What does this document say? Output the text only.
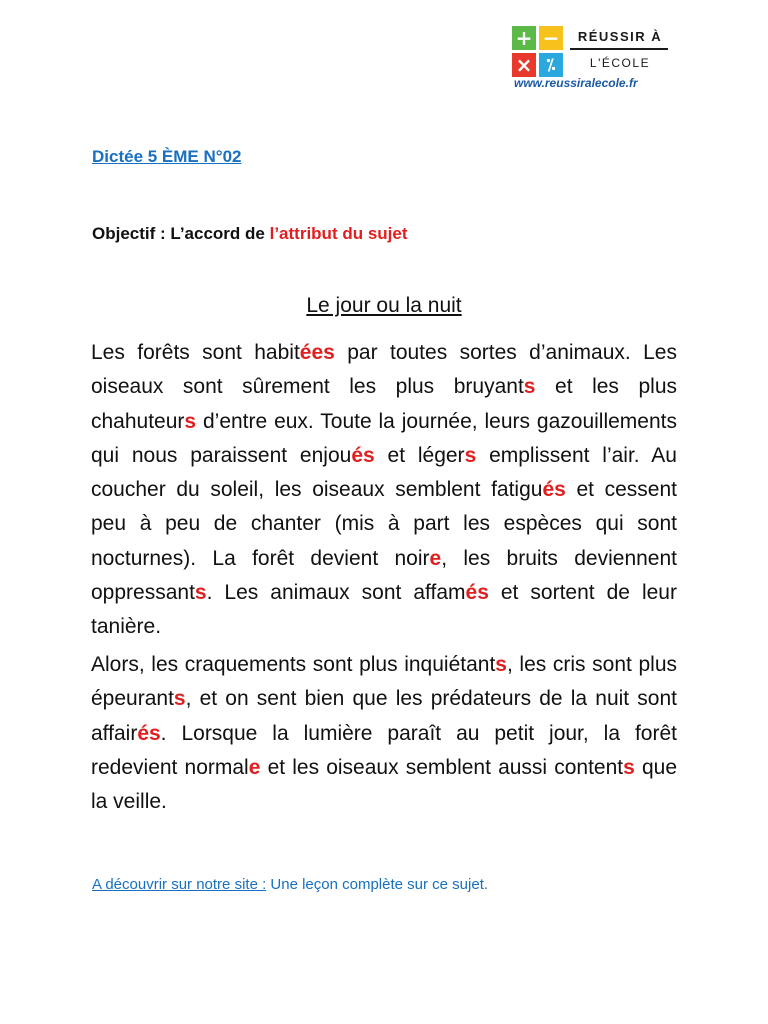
+ −
× ⁒
RÉUSSIR À
L'ÉCOLE
www.reussiralecole.fr
Dictée 5 ÈME N°02
Objectif : L’accord de l’attribut du sujet
Le jour ou la nuit
Les forêts sont habitées par toutes sortes d’animaux. Les oiseaux sont sûrement les plus bruyants et les plus chahuteurs d’entre eux. Toute la journée, leurs gazouillements qui nous paraissent enjoués et légers emplissent l’air. Au coucher du soleil, les oiseaux semblent fatigués et cessent peu à peu de chanter (mis à part les espèces qui sont nocturnes). La forêt devient noire, les bruits deviennent oppressants. Les animaux sont affamés et sortent de leur tanière.
Alors, les craquements sont plus inquiétants, les cris sont plus épeurants, et on sent bien que les prédateurs de la nuit sont affairés. Lorsque la lumière paraît au petit jour, la forêt redevient normale et les oiseaux semblent aussi contents que la veille.
A découvrir sur notre site : Une leçon complète sur ce sujet.
